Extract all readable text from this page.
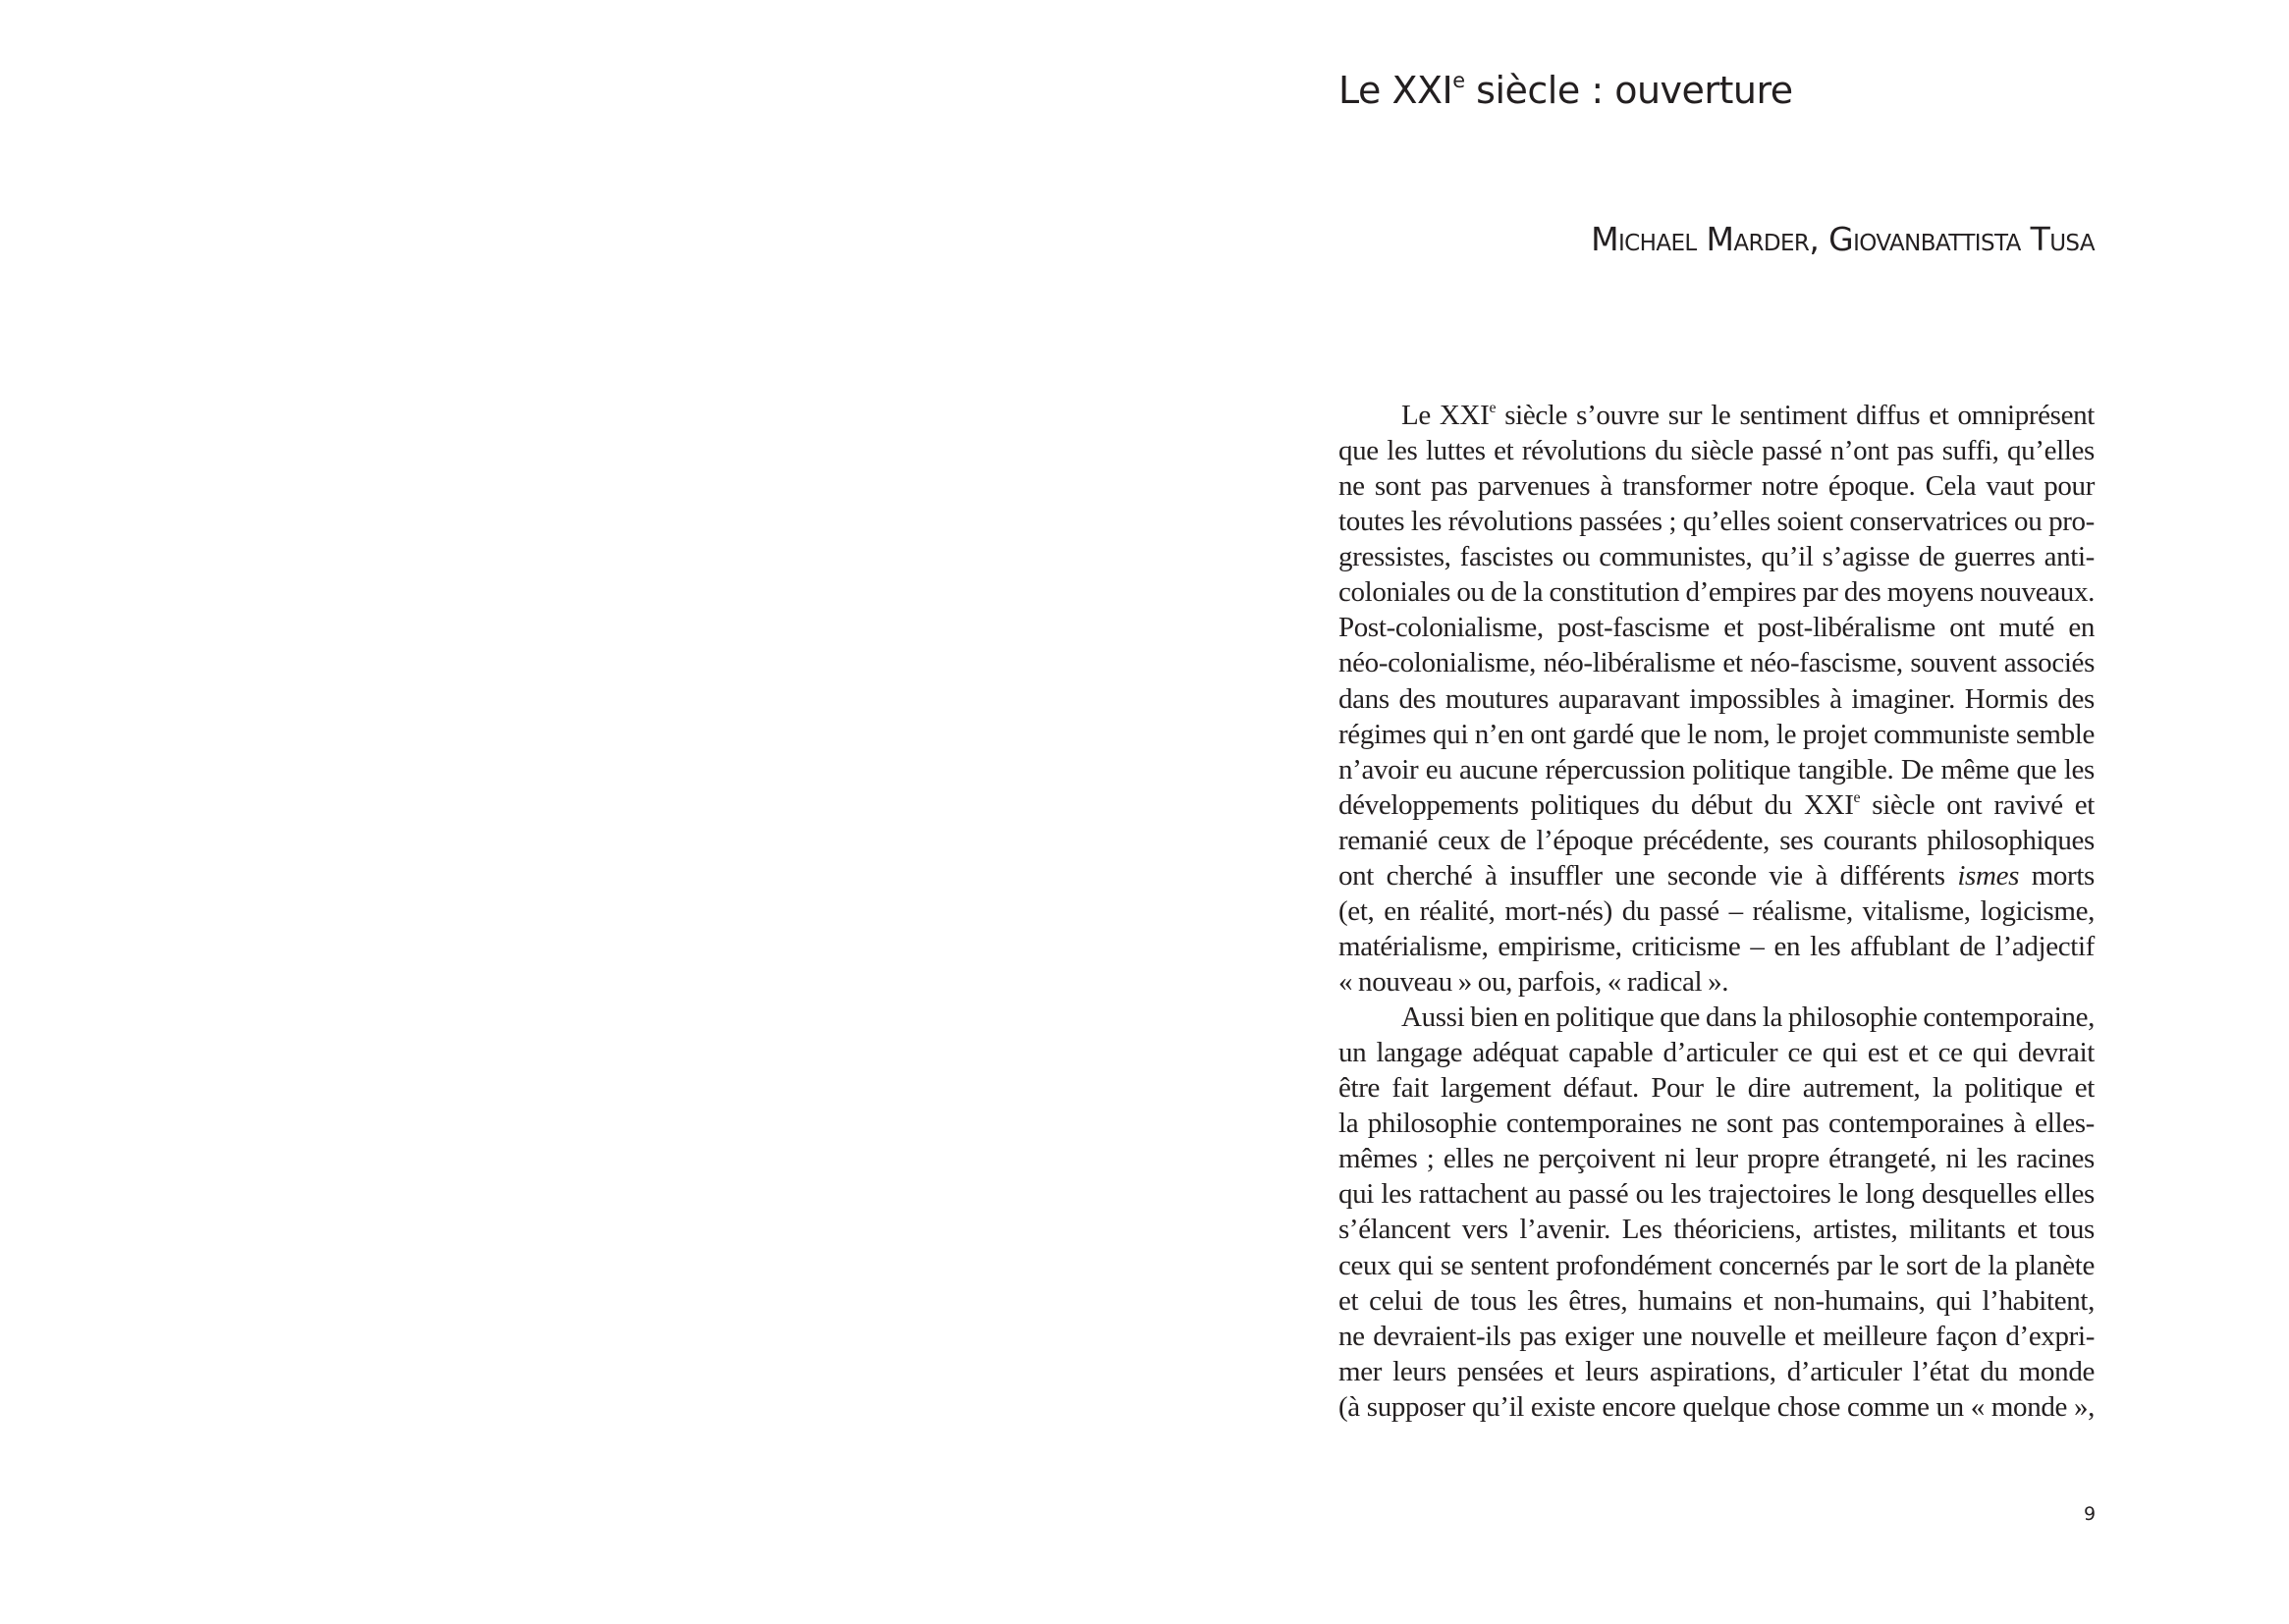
Le XXIe siècle : ouverture

Michael Marder, Giovanbattista Tusa

Le XXIe siècle s’ouvre sur le sentiment diffus et omniprésent
que les luttes et révolutions du siècle passé n’ont pas suffi, qu’elles
ne sont pas parvenues à transformer notre époque. Cela vaut pour
toutes les révolutions passées ; qu’elles soient conservatrices ou pro-
gressistes, fascistes ou communistes, qu’il s’agisse de guerres anti-
coloniales ou de la constitution d’empires par des moyens nouveaux.
Post-colonialisme, post-fascisme et post-libéralisme ont muté en
néo-colonialisme, néo-libéralisme et néo-fascisme, souvent associés
dans des moutures auparavant impossibles à imaginer. Hormis des
régimes qui n’en ont gardé que le nom, le projet communiste semble
n’avoir eu aucune répercussion politique tangible. De même que les
développements politiques du début du XXIe siècle ont ravivé et
remanié ceux de l’époque précédente, ses courants philosophiques
ont cherché à insuffler une seconde vie à différents ismes morts
(et, en réalité, mort-nés) du passé – réalisme, vitalisme, logicisme,
matérialisme, empirisme, criticisme – en les affublant de l’adjectif
« nouveau » ou, parfois, « radical ».

Aussi bien en politique que dans la philosophie contemporaine,
un langage adéquat capable d’articuler ce qui est et ce qui devrait
être fait largement défaut. Pour le dire autrement, la politique et
la philosophie contemporaines ne sont pas contemporaines à elles-
mêmes ; elles ne perçoivent ni leur propre étrangeté, ni les racines
qui les rattachent au passé ou les trajectoires le long desquelles elles
s’élancent vers l’avenir. Les théoriciens, artistes, militants et tous
ceux qui se sentent profondément concernés par le sort de la planète
et celui de tous les êtres, humains et non-humains, qui l’habitent,
ne devraient-ils pas exiger une nouvelle et meilleure façon d’expri-
mer leurs pensées et leurs aspirations, d’articuler l’état du monde
(à supposer qu’il existe encore quelque chose comme un « monde »,

9
